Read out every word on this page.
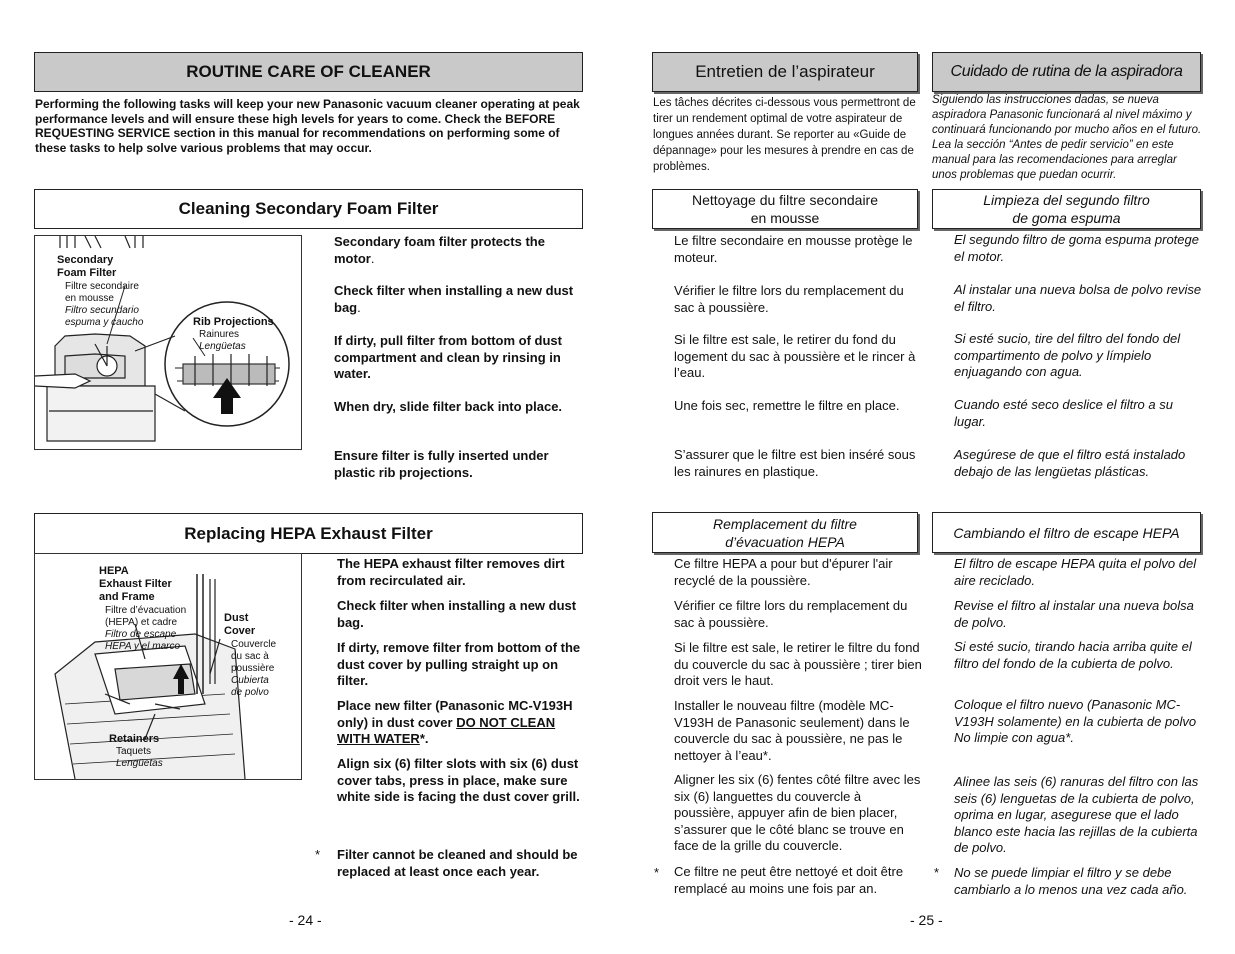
ROUTINE CARE OF CLEANER
Performing the following tasks will keep your new Panasonic vacuum cleaner operating at peak performance levels and will ensure these high levels for years to come. Check the BEFORE REQUESTING SERVICE section in this manual for recommendations on performing some of these tasks to help solve various problems that may occur.
Cleaning Secondary Foam Filter
Secondary
Foam Filter
Filtre secondaire
en mousse
Filtro secundario
espuma y caucho	Rib Projections
Rainures
Lengüetas
Secondary foam filter protects the motor.
Check filter when installing a new dust bag.
If dirty, pull filter from bottom of dust compartment and clean by rinsing in water.
When dry, slide filter back into place.
Ensure filter is fully inserted under plastic rib projections.
Replacing HEPA Exhaust Filter
HEPA
Exhaust Filter
and Frame
Filtre d’évacuation
(HEPA) et cadre
Filtro de escape
HEPA y el marco
Dust
Cover
Couvercle
du sac à
poussière
Cubierta
de polvo
Retainers
Taquets
Lengüetas
The HEPA exhaust filter removes dirt from recirculated air.
Check filter when installing a new dust bag.
If dirty, remove filter from bottom of the dust cover by pulling straight up on filter.
Place new filter (Panasonic MC-V193H only) in dust cover DO NOT CLEAN WITH WATER*.
Align six (6) filter slots with six (6) dust cover tabs, press in place, make sure white side is facing the dust cover grill.
* Filter cannot be cleaned and should be replaced at least once each year.
- 24 -
Entretien de l’aspirateur
Les tâches décrites ci-dessous vous permettront de tirer un rendement optimal de votre aspirateur de longues années durant. Se reporter au «Guide de dépannage» pour les mesures à prendre en cas de problèmes.
Nettoyage du filtre secondaire
en mousse
Le filtre secondaire en mousse protège le moteur.
Vérifier le filtre lors du remplacement du sac à poussière.
Si le filtre est sale, le retirer du fond du logement du sac à poussière et le rincer à l’eau.
Une fois sec, remettre le filtre en place.
S’assurer que le filtre est bien inséré sous les rainures en plastique.
Remplacement du filtre
d’évacuation HEPA
Ce filtre HEPA a pour but d'épurer l'air recyclé de la poussière.
Vérifier ce filtre lors du remplacement du sac à poussière.
Si le filtre est sale, le retirer le filtre du fond du couvercle du sac à poussière ; tirer bien droit vers le haut.
Installer le nouveau filtre (modèle MC-V193H de Panasonic seulement) dans le couvercle du sac à poussière, ne pas le nettoyer à l’eau*.
Aligner les six (6) fentes côté filtre avec les six (6) languettes du couvercle à poussière, appuyer afin de bien placer, s’assurer que le côté blanc se trouve en face de la grille du couvercle.
* Ce filtre ne peut être nettoyé et doit être remplacé au moins une fois par an.
- 25 -
Cuidado de rutina de la aspiradora
Siguiendo las instrucciones dadas, se nueva aspiradora Panasonic funcionará al nivel máximo y continuará funcionando por mucho años en el futuro. Lea la sección “Antes de pedir servicio” en este manual para las recomendaciones para arreglar unos problemas que puedan ocurrir.
Limpieza del segundo filtro
de goma espuma
El segundo filtro de goma espuma protege el motor.
Al instalar una nueva bolsa de polvo revise el filtro.
Si esté sucio, tire del filtro del fondo del compartimento de polvo y límpielo enjuagando con agua.
Cuando esté seco deslice el filtro a su lugar.
Asegúrese de que el filtro está instalado debajo de las lengüetas plásticas.
Cambiando el filtro de escape HEPA
El filtro de escape HEPA quita el polvo del aire reciclado.
Revise el filtro al instalar una nueva bolsa de polvo.
Si esté sucio, tirando hacia arriba quite el filtro del fondo de la cubierta de polvo.
Coloque el filtro nuevo (Panasonic MC-V193H solamente) en la cubierta de polvo No limpie con agua*.
Alinee las seis (6) ranuras del filtro con las seis (6) lenguetas de la cubierta de polvo, oprima en lugar, asegurese que el lado blanco este hacia las rejillas de la cubierta de polvo.
* No se puede limpiar el filtro y se debe cambiarlo a lo menos una vez cada año.
